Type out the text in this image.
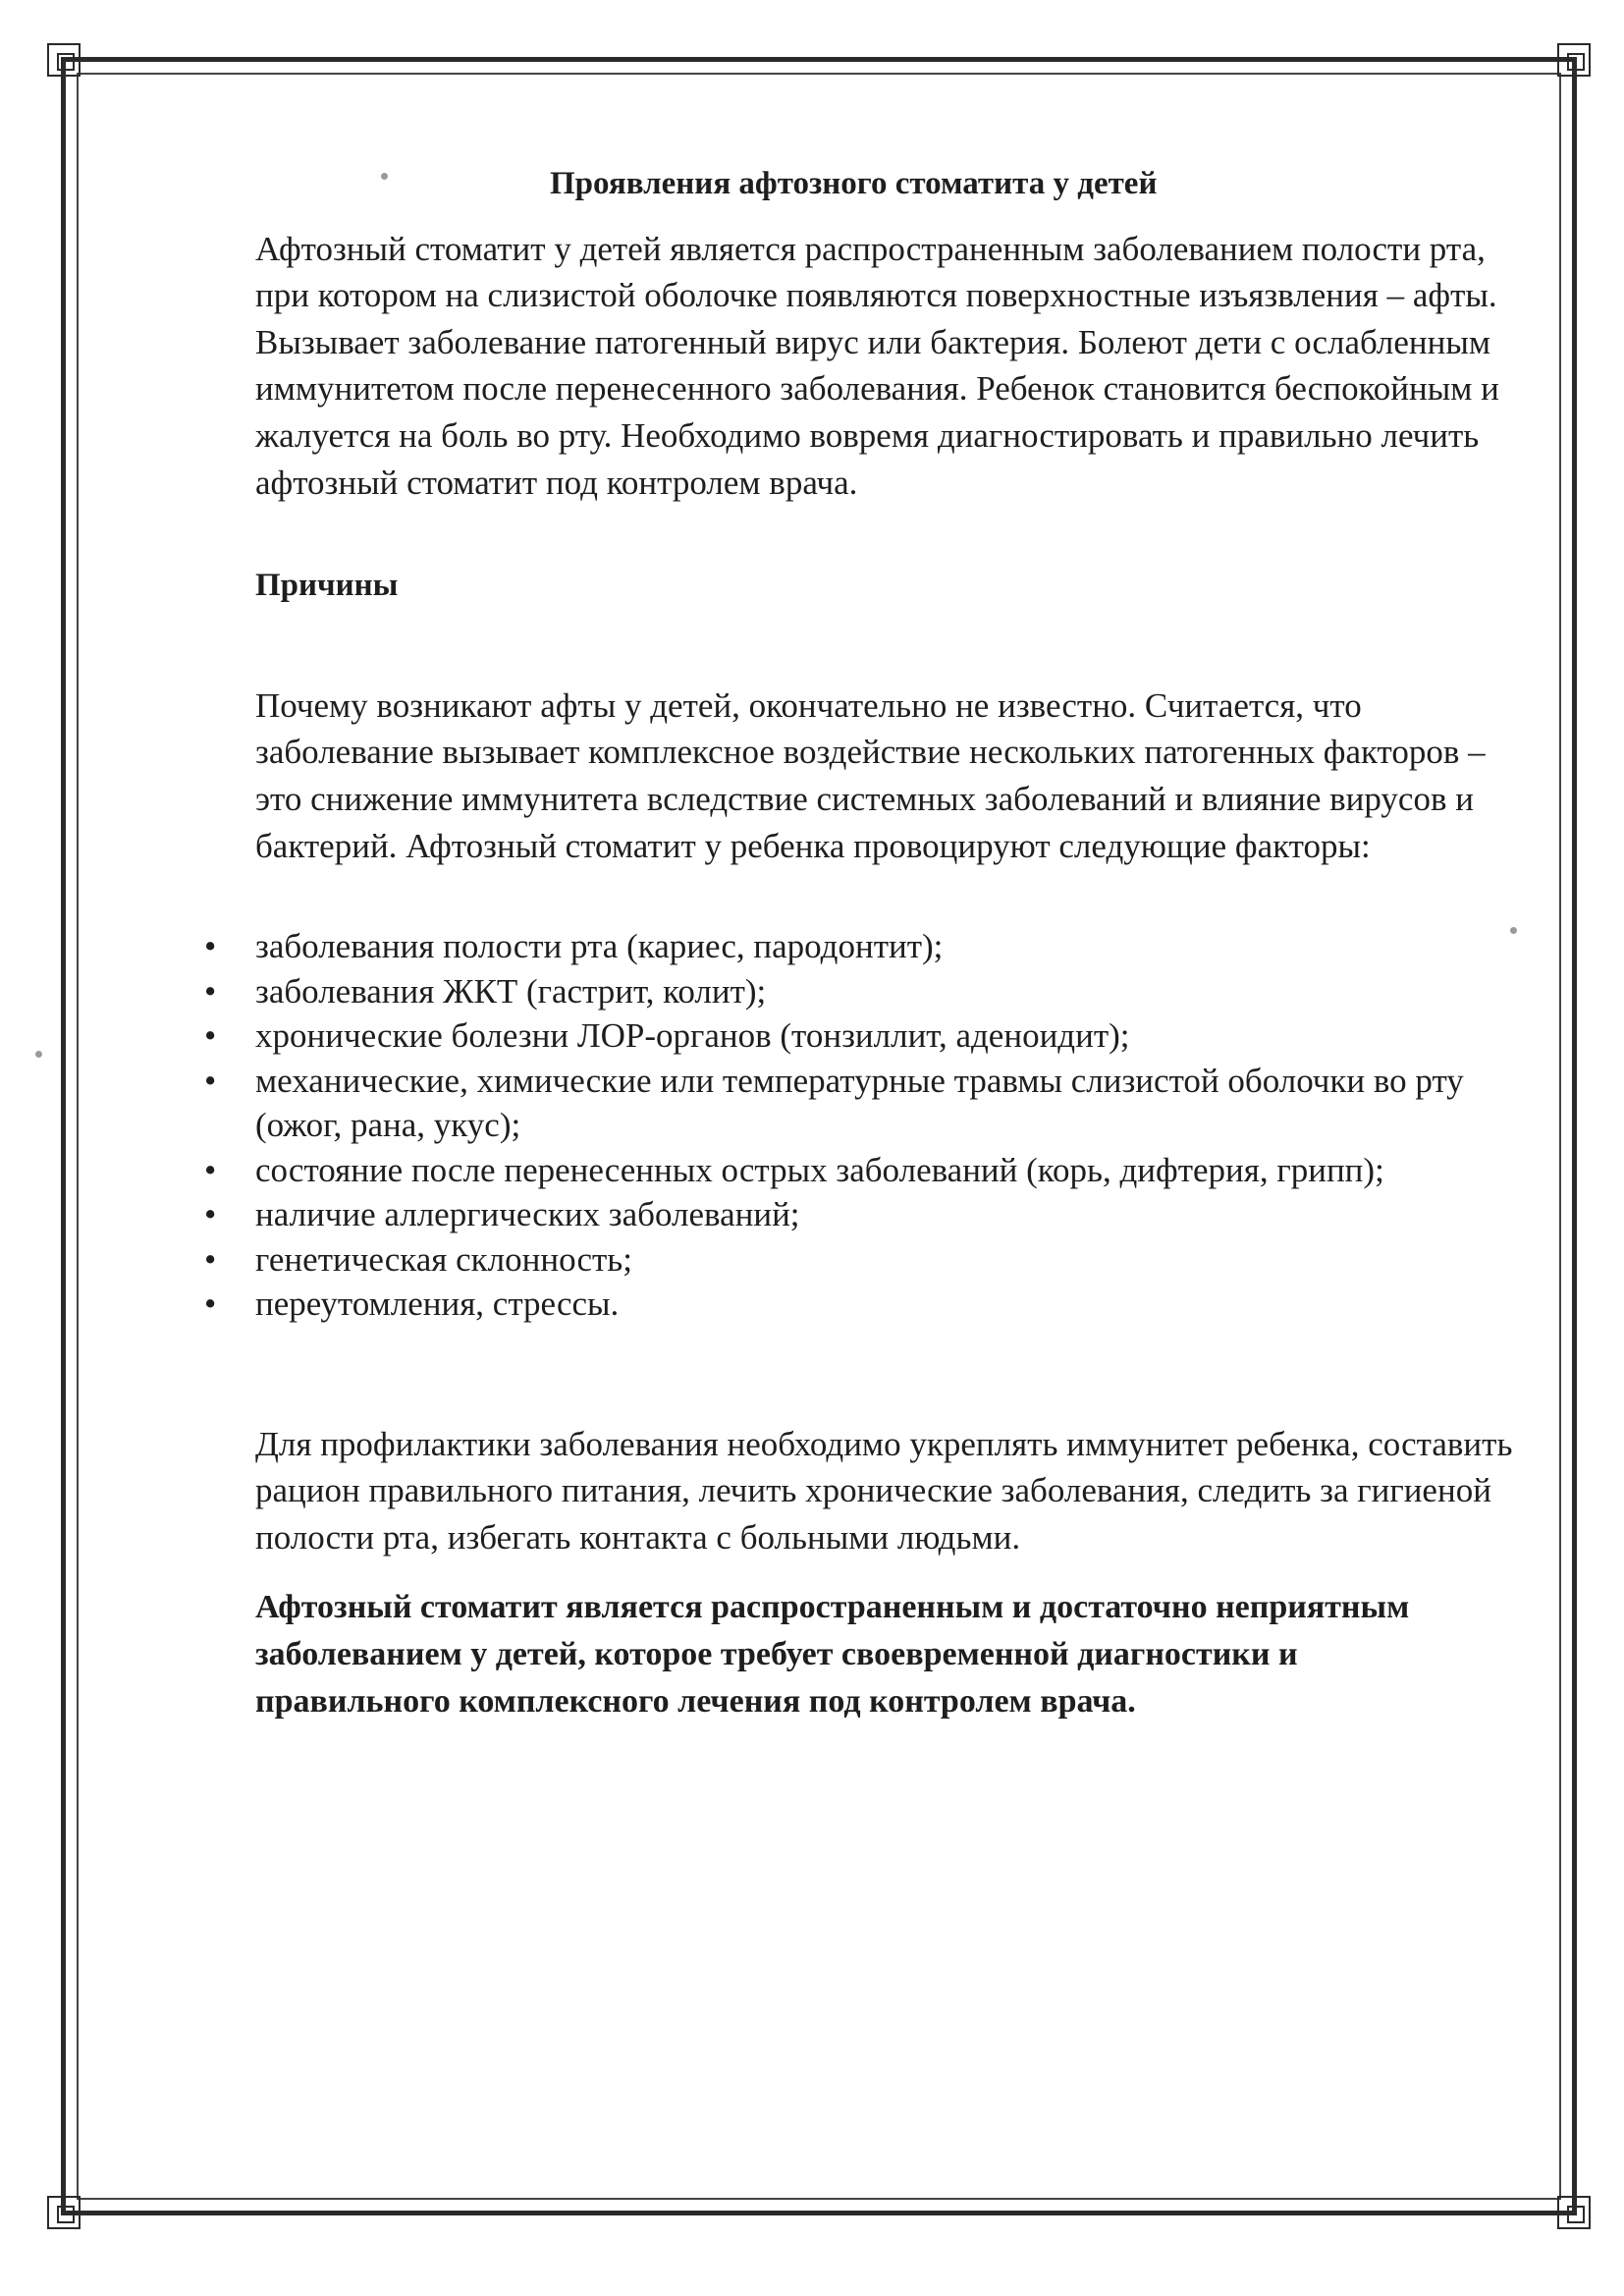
Проявления афтозного стоматита у детей

Афтозный стоматит у детей является распространенным заболеванием полости рта, при котором на слизистой оболочке появляются поверхностные изъязвления – афты. Вызывает заболевание патогенный вирус или бактерия. Болеют дети с ослабленным иммунитетом после перенесенного заболевания. Ребенок становится беспокойным и жалуется на боль во рту. Необходимо вовремя диагностировать и правильно лечить афтозный стоматит под контролем врача.

Причины

Почему возникают афты у детей, окончательно не известно. Считается, что заболевание вызывает комплексное воздействие нескольких патогенных факторов – это снижение иммунитета вследствие системных заболеваний и влияние вирусов и бактерий. Афтозный стоматит у ребенка провоцируют следующие факторы:

• заболевания полости рта (кариес, пародонтит);
• заболевания ЖКТ (гастрит, колит);
• хронические болезни ЛОР-органов (тонзиллит, аденоидит);
• механические, химические или температурные травмы слизистой оболочки во рту (ожог, рана, укус);
• состояние после перенесенных острых заболеваний (корь, дифтерия, грипп);
• наличие аллергических заболеваний;
• генетическая склонность;
• переутомления, стрессы.

Для профилактики заболевания необходимо укреплять иммунитет ребенка, составить рацион правильного питания, лечить хронические заболевания, следить за гигиеной полости рта, избегать контакта с больными людьми.

Афтозный стоматит является распространенным и достаточно неприятным заболеванием у детей, которое требует своевременной диагностики и правильного комплексного лечения под контролем врача.
